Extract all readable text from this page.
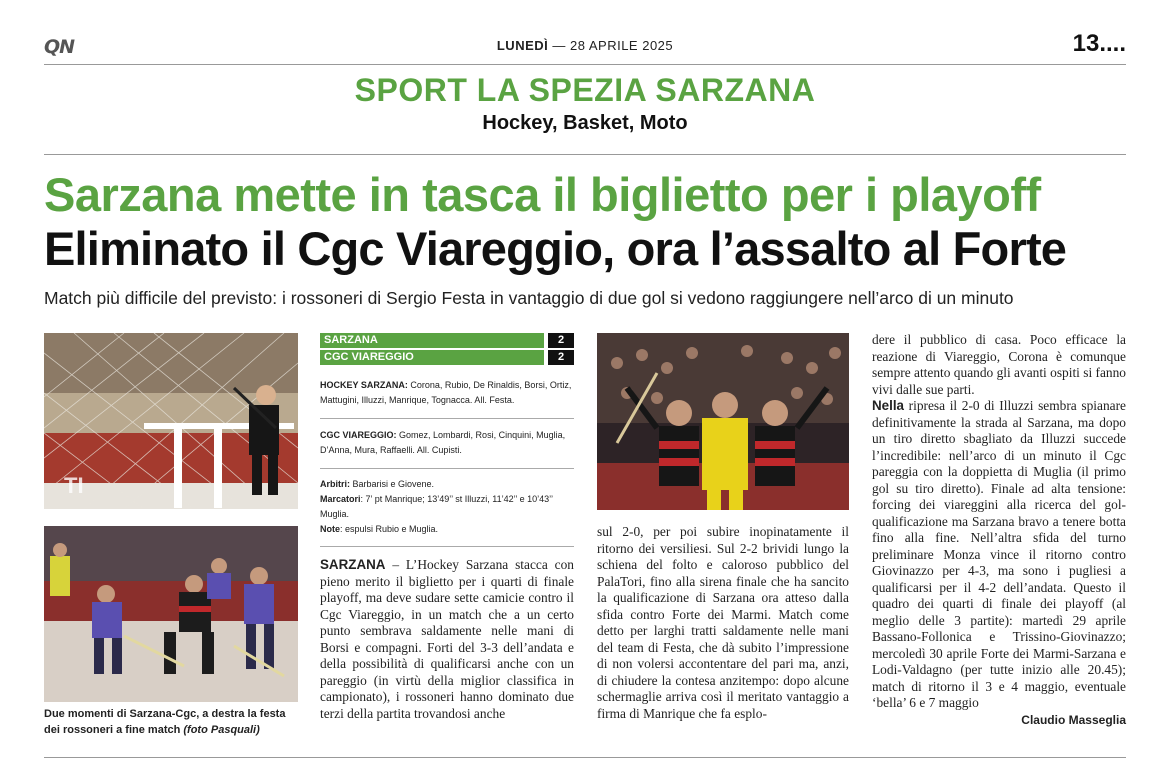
QN	LUNEDÌ — 28 APRILE 2025	13....
SPORT LA SPEZIA SARZANA
Hockey, Basket, Moto
Sarzana mette in tasca il biglietto per i playoff
Eliminato il Cgc Viareggio, ora l’assalto al Forte
Match più difficile del previsto: i rossoneri di Sergio Festa in vantaggio di due gol si vedono raggiungere nell’arco di un minuto
TI
Due momenti di Sarzana-Cgc, a destra la festa dei rossoneri a fine match (foto Pasquali)
SARZANA	2
CGC VIAREGGIO	2
HOCKEY SARZANA: Corona, Rubio, De Rinaldis, Borsi, Ortiz, Mattugini, Illuzzi, Manrique, Tognacca. All. Festa.
CGC VIAREGGIO: Gomez, Lombardi, Rosi, Cinquini, Muglia, D’Anna, Mura, Raffaelli. All. Cupisti.
Arbitri: Barbarisi e Giovene.
Marcatori: 7’ pt Manrique; 13’49’’ st Illuzzi, 11’42’’ e 10’43’’ Muglia.
Note: espulsi Rubio e Muglia.

SARZANA – L’Hockey Sarzana stacca con pieno merito il biglietto per i quarti di finale playoff, ma deve sudare sette camicie contro il Cgc Viareggio, in un match che a un certo punto sembrava saldamente nelle mani di Borsi e compagni. Forti del 3-3 dell’andata e della possibilità di qualificarsi anche con un pareggio (in virtù della miglior classifica in campionato), i rossoneri hanno dominato due terzi della partita trovandosi anche

sul 2-0, per poi subire inopinatamente il ritorno dei versiliesi. Sul 2-2 brividi lungo la schiena del folto e caloroso pubblico del PalaTori, fino alla sirena finale che ha sancito la qualificazione di Sarzana ora atteso dalla sfida contro Forte dei Marmi. Match come detto per larghi tratti saldamente nelle mani del team di Festa, che dà subito l’impressione di non volersi accontentare del pari ma, anzi, di chiudere la contesa anzitempo: dopo alcune schermaglie arriva così il meritato vantaggio a firma di Manrique che fa esplo-

dere il pubblico di casa. Poco efficace la reazione di Viareggio, Corona è comunque sempre attento quando gli avanti ospiti si fanno vivi dalle sue parti.

Nella ripresa il 2-0 di Illuzzi sembra spianare definitivamente la strada al Sarzana, ma dopo un tiro diretto sbagliato da Illuzzi succede l’incredibile: nell’arco di un minuto il Cgc pareggia con la doppietta di Muglia (il primo gol su tiro diretto). Finale ad alta tensione: forcing dei viareggini alla ricerca del gol-qualificazione ma Sarzana bravo a tenere botta fino alla fine. Nell’altra sfida del turno preliminare Monza vince il ritorno contro Giovinazzo per 4-3, ma sono i pugliesi a qualificarsi per il 4-2 dell’andata. Questo il quadro dei quarti di finale dei playoff (al meglio delle 3 partite): martedì 29 aprile Bassano-Follonica e Trissino-Giovinazzo; mercoledì 30 aprile Forte dei Marmi-Sarzana e Lodi-Valdagno (per tutte inizio alle 20.45); match di ritorno il 3 e 4 maggio, eventuale ‘bella’ 6 e 7 maggio

Claudio Masseglia
